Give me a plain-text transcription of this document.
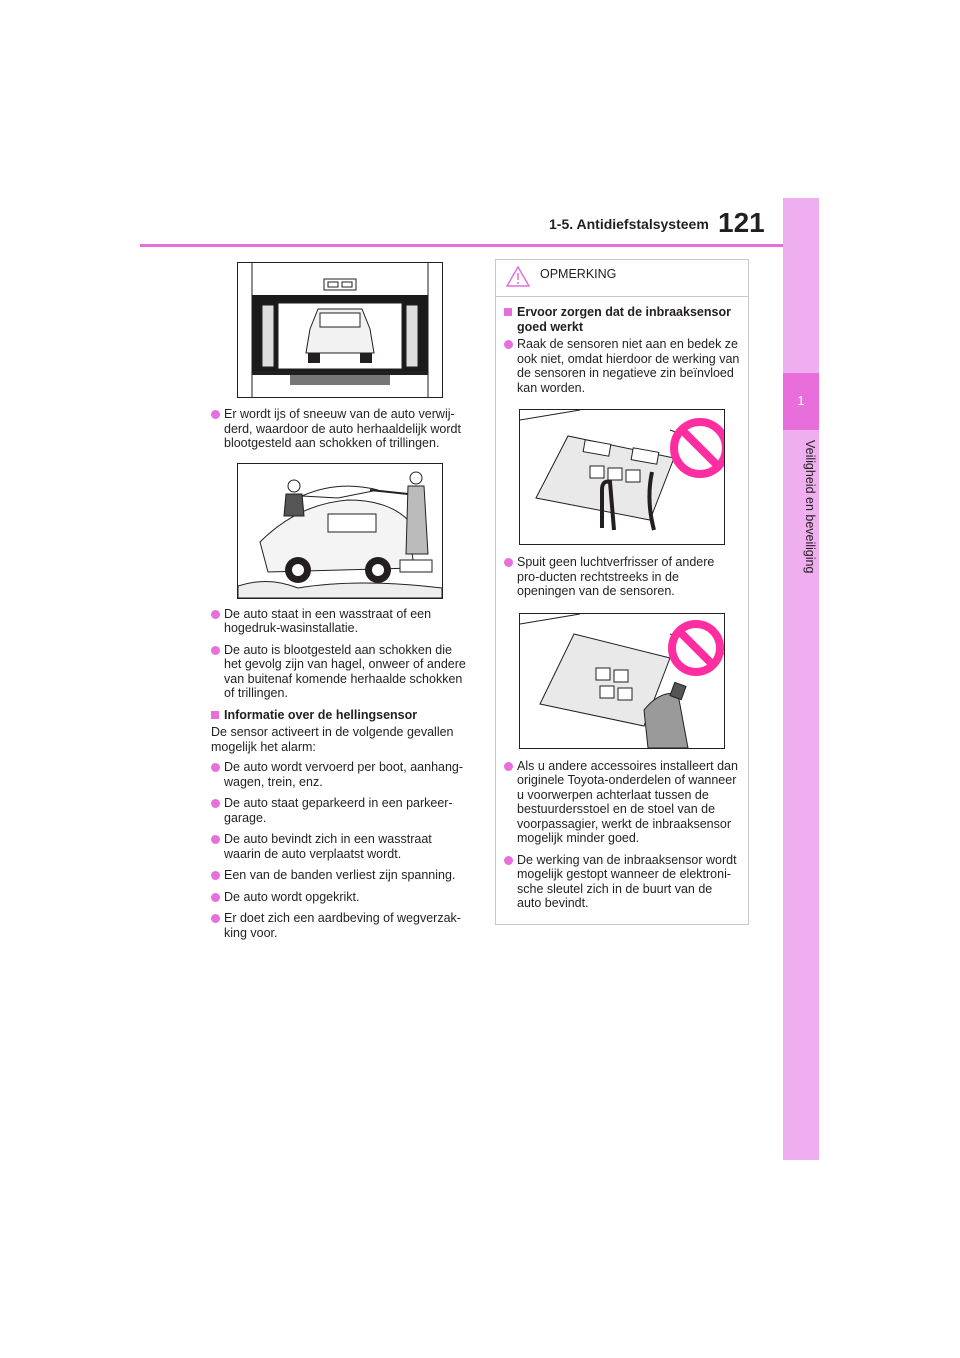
1-5. Antidiefstalsysteem 121
1
Veiligheid en beveiliging
Er wordt ijs of sneeuw van de auto verwij-derd, waardoor de auto herhaaldelijk wordt blootgesteld aan schokken of trillingen.
De auto staat in een wasstraat of een hogedruk-wasinstallatie.
De auto is blootgesteld aan schokken die het gevolg zijn van hagel, onweer of andere van buitenaf komende herhaalde schokken of trillingen.
Informatie over de hellingsensor
De sensor activeert in de volgende gevallen mogelijk het alarm:
De auto wordt vervoerd per boot, aanhang-wagen, trein, enz.
De auto staat geparkeerd in een parkeer-garage.
De auto bevindt zich in een wasstraat waarin de auto verplaatst wordt.
Een van de banden verliest zijn spanning.
De auto wordt opgekrikt.
Er doet zich een aardbeving of wegverzak-king voor.
OPMERKING
Ervoor zorgen dat de inbraaksensor goed werkt
Raak de sensoren niet aan en bedek ze ook niet, omdat hierdoor de werking van de sensoren in negatieve zin beïnvloed kan worden.
Spuit geen luchtverfrisser of andere pro-ducten rechtstreeks in de openingen van de sensoren.
Als u andere accessoires installeert dan originele Toyota-onderdelen of wanneer u voorwerpen achterlaat tussen de bestuurdersstoel en de stoel van de voorpassagier, werkt de inbraaksensor mogelijk minder goed.
De werking van de inbraaksensor wordt mogelijk gestopt wanneer de elektroni-sche sleutel zich in de buurt van de auto bevindt.
